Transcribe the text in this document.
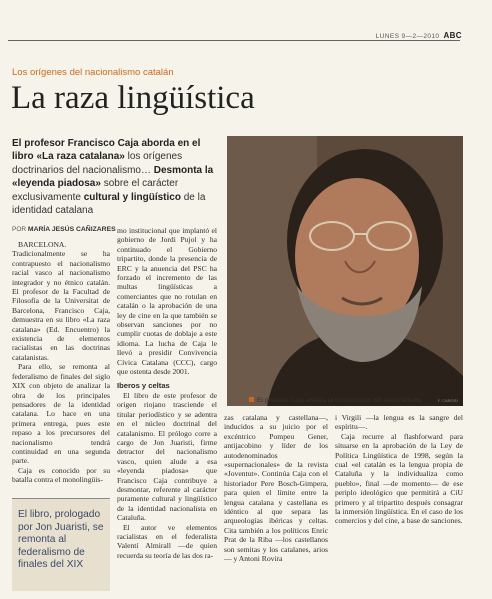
LUNES 9—2—2010 ABC
Los orígenes del nacionalismo catalán
La raza lingüística
El profesor Francisco Caja aborda en el libro «La raza catalana» los orígenes doctrinarios del nacionalismo… Desmonta la «leyenda piadosa» sobre el carácter exclusivamente cultural y lingüístico de la identidad catalana
POR MARÍA JESÚS CAÑIZARES

BARCELONA. Tradicionalmente se ha contrapuesto el nacionalismo racial vasco al nacionalismo integrador y no étnico catalán. El profesor de la Facultad de Filosofía de la Universitat de Barcelona, Francisco Caja, demuestra en su libro «La raza catalana» (Ed. Encuentro) la existencia de elementos racialistas en las doctrinas catalanistas.

Para ello, se remonta al federalismo de finales del siglo XIX con objeto de analizar la obra de los principales pensadores de la identidad catalana. Lo hace en una primera entrega, pues este repaso a los precursores del nacionalismo tendrá continuidad en una segunda parte.

Caja es conocido por su batalla contra el monolingüis-

mo institucional que implantó el gobierno de Jordi Pujol y ha continuado el Gobierno tripartito, donde la presencia de ERC y la anuencia del PSC ha forzado el incremento de las multas lingüísticas a comerciantes que no rotulan en catalán o la aprobación de una ley de cine en la que también se observan sanciones por no cumplir cuotas de doblaje a este idioma. La lucha de Caja le llevó a presidir Convivencia Cívica Catalana (CCC), cargo que ostenta desde 2001.

Iberos y celtas

El libro de este profesor de origen riojano trasciende el titular periodístico y se adentra en el núcleo doctrinal del catalanismo. El prólogo corre a cargo de Jon Juaristi, firme detractor del nacionalismo vasco, quien alude a esa «leyenda piadosa» que Francisco Caja contribuye a desmontar, referente al carácter puramente cultural y lingüístico de la identidad nacionalista en Cataluña.

El autor ve elementos racialistas en el federalista Valentí Almirall —de quien recuerda su teoría de las dos ra-

El profesor Caja analiza la construcción del nacionalismo	F. CAROSI

zas catalana y castellana—, inducidos a su juicio por el excéntrico Pompeu Gener, antijacobino y líder de los autodenominados «supernacionales» de la revista «Joventut». Continúa Caja con el historiador Pere Bosch-Gimpera, para quien el límite entre la lengua catalana y castellana es idéntico al que separa las arqueologías ibéricas y celtas. Cita también a los políticos Enric Prat de la Riba —los castellanos son semitas y los catalanes, arios— y Antoni Rovira

i Virgili —la lengua es la sangre del espíritu—.

Caja recurre al flashforward para situarse en la aprobación de la Ley de Política Lingüística de 1998, según la cual «el catalán es la lengua propia de Cataluña y la individualiza como pueblo», final —de momento— de ese periplo ideológico que permitirá a CiU primero y al tripartito después consagrar la inmersión lingüística. En el caso de los comercios y del cine, a base de sanciones.

El libro, prologado por Jon Juaristi, se remonta al federalismo de finales del XIX
